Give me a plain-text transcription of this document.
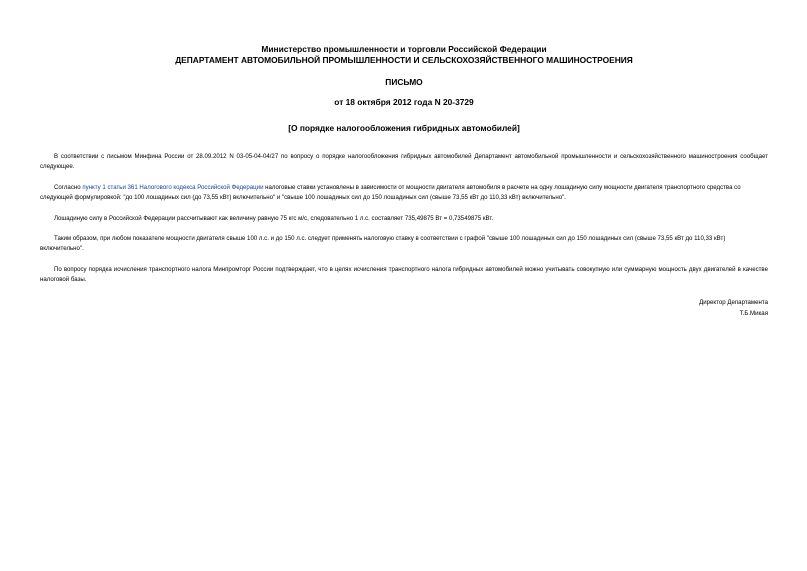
Министерство промышленности и торговли Российской Федерации
ДЕПАРТАМЕНТ АВТОМОБИЛЬНОЙ ПРОМЫШЛЕННОСТИ И СЕЛЬСКОХОЗЯЙСТВЕННОГО МАШИНОСТРОЕНИЯ
ПИСЬМО
от 18 октября 2012 года N 20-3729
[О порядке налогообложения гибридных автомобилей]

В соответствии с письмом Минфина России от 28.09.2012 N 03-05-04-04/27 по вопросу о порядке налогообложения гибридных автомобилей Департамент автомобильной промышленности и сельскохозяйственного машиностроения сообщает следующее.

Согласно пункту 1 статьи 361 Налогового кодекса Российской Федерации налоговые ставки установлены в зависимости от мощности двигателя автомобиля в расчете на одну лошадиную силу мощности двигателя транспортного средства со следующей формулировкой: "до 100 лошадиных сил (до 73,55 кВт) включительно" и "свыше 100 лошадиных сил до 150 лошадиных сил (свыше 73,55 кВт до 110,33 кВт) включительно".

Лошадиную силу в Российской Федерации рассчитывают как величину равную 75 кгс м/с, следовательно 1 л.с. составляет 735,49875 Вт = 0,73549875 кВт.

Таким образом, при любом показателе мощности двигателя свыше 100 л.с. и до 150 л.с. следует применять налоговую ставку в соответствии с графой "свыше 100 лошадиных сил до 150 лошадиных сил (свыше 73,55 кВт до 110,33 кВт) включительно".

По вопросу порядка исчисления транспортного налога Минпромторг России подтверждает, что в целях исчисления транспортного налога гибридных автомобилей можно учитывать совокупную или суммарную мощность двух двигателей в качестве налоговой базы.

Директор Департамента
Т.Б.Микая
